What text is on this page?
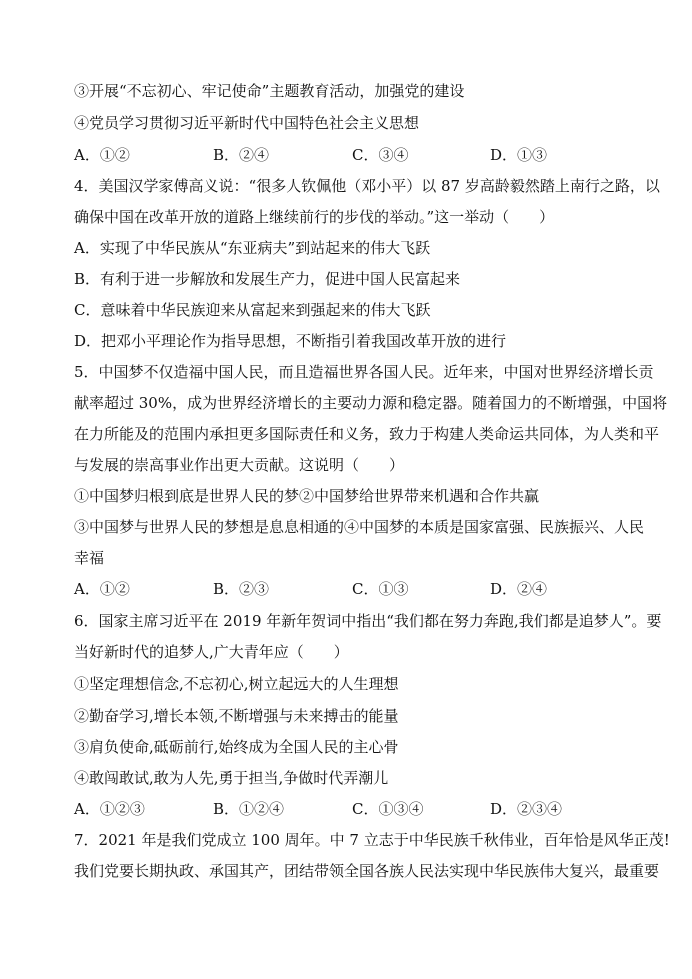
③开展“不忘初心、牢记使命”主题教育活动，加强党的建设
④党员学习贯彻习近平新时代中国特色社会主义思想
A．①②	B．②④	C．③④	D．①③
4．美国汉学家傅高义说：“很多人钦佩他（邓小平）以 87 岁高龄毅然踏上南行之路，以
确保中国在改革开放的道路上继续前行的步伐的举动。”这一举动（　　）
A．实现了中华民族从“东亚病夫”到站起来的伟大飞跃
B．有利于进一步解放和发展生产力，促进中国人民富起来
C．意味着中华民族迎来从富起来到强起来的伟大飞跃
D．把邓小平理论作为指导思想，不断指引着我国改革开放的进行
5．中国梦不仅造福中国人民，而且造福世界各国人民。近年来，中国对世界经济增长贡
献率超过 30%，成为世界经济增长的主要动力源和稳定器。随着国力的不断增强，中国将
在力所能及的范围内承担更多国际责任和义务，致力于构建人类命运共同体，为人类和平
与发展的崇高事业作出更大贡献。这说明（　　）
①中国梦归根到底是世界人民的梦②中国梦给世界带来机遇和合作共赢
③中国梦与世界人民的梦想是息息相通的④中国梦的本质是国家富强、民族振兴、人民
幸福
A．①②	B．②③	C．①③	D．②④
6．国家主席习近平在 2019 年新年贺词中指出“我们都在努力奔跑,我们都是追梦人”。要
当好新时代的追梦人,广大青年应（　　）
①坚定理想信念,不忘初心,树立起远大的人生理想
②勤奋学习,增长本领,不断增强与未来搏击的能量
③肩负使命,砥砺前行,始终成为全国人民的主心骨
④敢闯敢试,敢为人先,勇于担当,争做时代弄潮儿
A．①②③	B．①②④	C．①③④	D．②③④
7．2021 年是我们党成立 100 周年。中 7 立志于中华民族千秋伟业，百年恰是风华正茂!
我们党要长期执政、承国其产，团结带领全国各族人民法实现中华民族伟大复兴，最重要
